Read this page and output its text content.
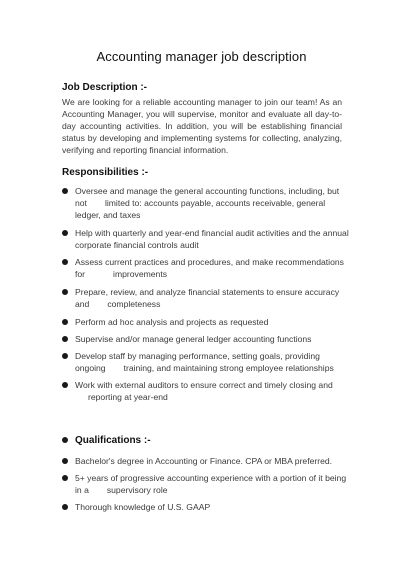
Accounting manager job description
Job Description :-
We are looking for a reliable accounting manager to join our team! As an Accounting Manager, you will supervise, monitor and evaluate all day-to-day accounting activities. In addition, you will be establishing financial status by developing and implementing systems for collecting, analyzing, verifying and reporting financial information.
Responsibilities :-
Oversee and manage the general accounting functions, including, but
not limited to: accounts payable, accounts receivable, general ledger, and taxes
Help with quarterly and year-end financial audit activities and the annual corporate financial controls audit
Assess current practices and procedures, and make recommendations for	improvements
Prepare, review, and analyze financial statements to ensure accuracy
and completeness
Perform ad hoc analysis and projects as requested
Supervise and/or manage general ledger accounting functions
Develop staff by managing performance, setting goals, providing
ongoing training, and maintaining strong employee relationships
Work with external auditors to ensure correct and timely closing and
reporting at year-end
Qualifications :-
Bachelor's degree in Accounting or Finance. CPA or MBA preferred.
5+ years of progressive accounting experience with a portion of it being in a supervisory role
Thorough knowledge of U.S. GAAP
